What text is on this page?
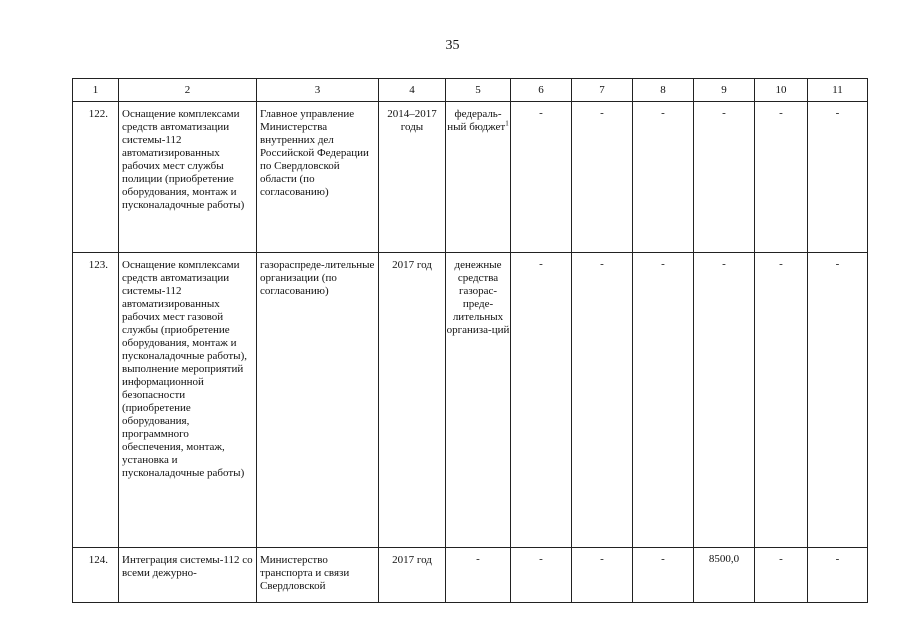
35
1	2	3	4	5	6	7	8	9	10	11
122.	Оснащение комплексами средств автоматизации системы-112 автоматизированных рабочих мест службы полиции (приобретение оборудования, монтаж и пусконаладочные работы)	Главное управление Министерства внутренних дел Российской Федерации по Свердловской области (по согласованию)	2014–2017 годы	федераль-ный бюджет$^1$	-	-	-	-	-	-
123.	Оснащение комплексами средств автоматизации системы-112 автоматизированных рабочих мест газовой службы (приобретение оборудования, монтаж и пусконаладочные работы), выполнение мероприятий информационной безопасности (приобретение оборудования, программного обеспечения, монтаж, установка и пусконаладочные работы)	газораспреде-лительные организации (по согласованию)	2017 год	денежные средства газорас-преде-лительных организа-ций	-	-	-	-	-	-
124.	Интеграция системы-112 со всеми дежурно-	Министерство транспорта и связи Свердловской	2017 год	-	-	-	-	8500,0	-	-
